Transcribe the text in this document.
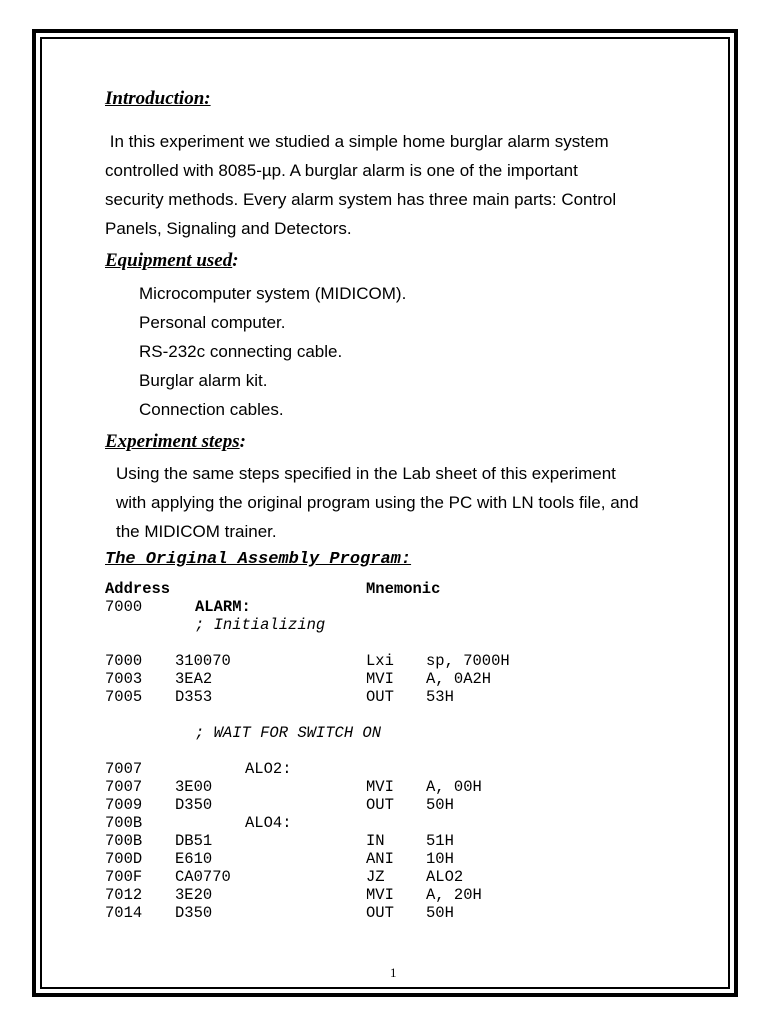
Introduction:
In this experiment we studied a simple home burglar alarm system
controlled with 8085-µp. A burglar alarm is one of the important
security methods. Every alarm system has three main parts: Control
Panels, Signaling and Detectors.
Equipment used:
Microcomputer system (MIDICOM).
Personal computer.
RS-232c connecting cable.
Burglar alarm kit.
Connection cables.
Experiment steps:
Using the same steps specified in the Lab sheet of this experiment
with applying the original program using the PC with LN tools file, and
the MIDICOM trainer.
The Original Assembly Program:
Address	Mnemonic
7000	ALARM:
; Initializing
7000 310070	Lxi sp, 7000H
7003 3EA2	MVI A, 0A2H
7005 D353	OUT 53H
; WAIT FOR SWITCH ON
7007	ALO2:
7007 3E00	MVI A, 00H
7009 D350	OUT 50H
700B	ALO4:
700B DB51	IN	51H
700D E610	ANI 10H
700F CA0770	JZ	ALO2
7012 3E20	MVI A, 20H
7014 D350	OUT 50H
1
